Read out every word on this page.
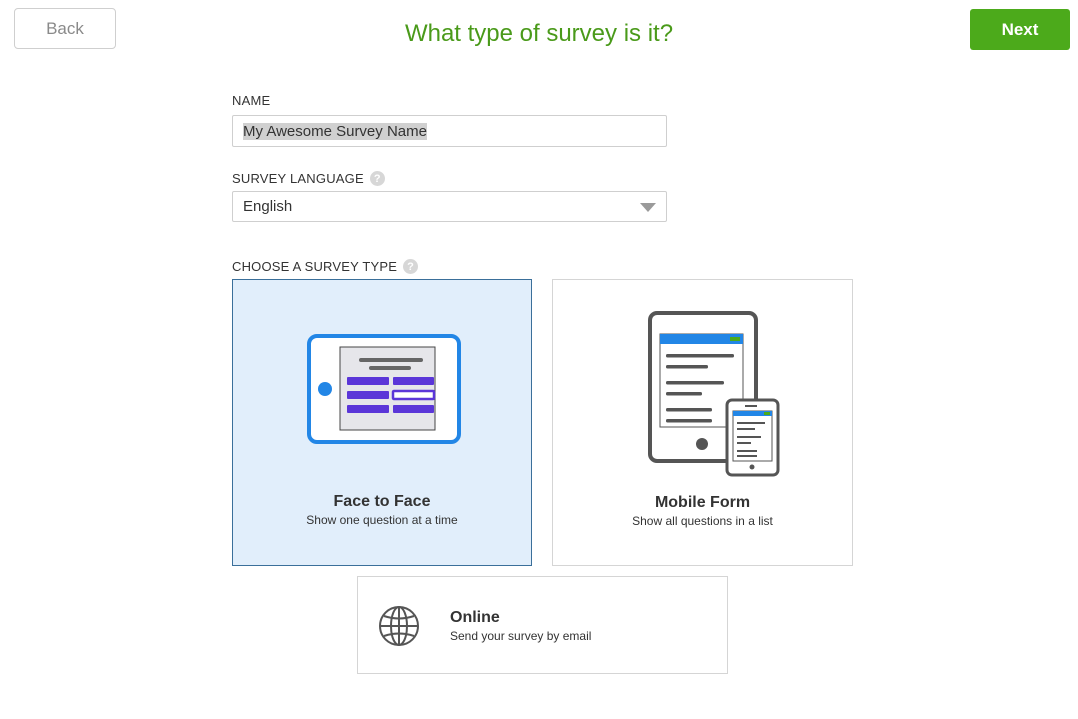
Back	What type of survey is it?	Next
NAME
My Awesome Survey Name
SURVEY LANGUAGE ?
English
CHOOSE A SURVEY TYPE ?
Face to Face
Show one question at a time
Mobile Form
Show all questions in a list
Online
Send your survey by email
